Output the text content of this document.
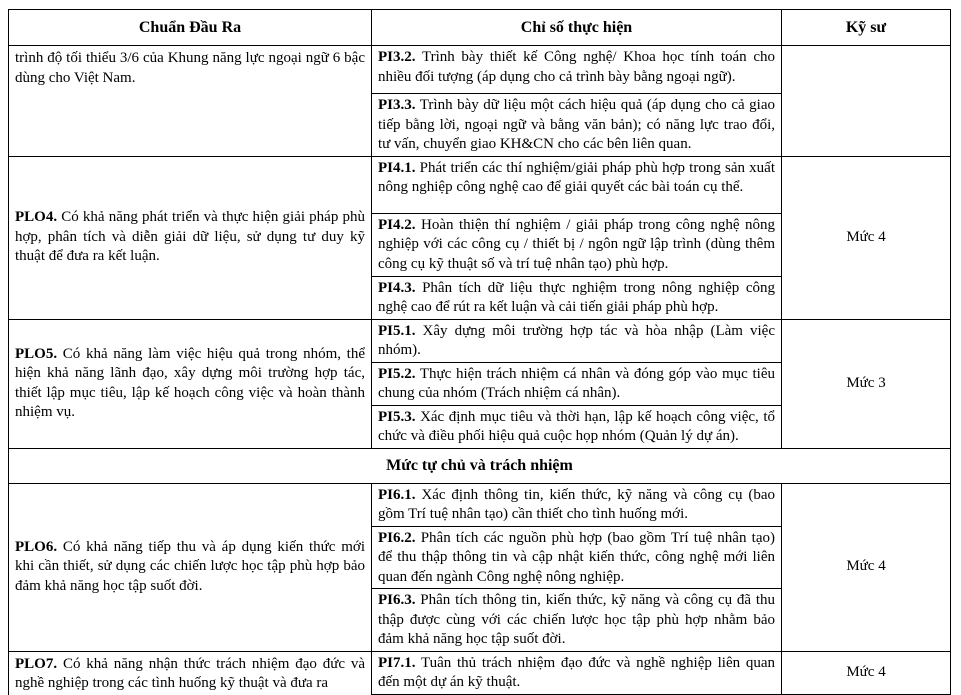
Chuẩn Đầu Ra	Chỉ số thực hiện	Kỹ sư
trình độ tối thiểu 3/6 của Khung năng lực ngoại ngữ 6 bậc dùng cho Việt Nam.	PI3.2. Trình bày thiết kế Công nghệ/ Khoa học tính toán cho nhiều đối tượng (áp dụng cho cả trình bày bằng ngoại ngữ).	
	PI3.3. Trình bày dữ liệu một cách hiệu quả (áp dụng cho cả giao tiếp bằng lời, ngoại ngữ và bằng văn bản); có năng lực trao đổi, tư vấn, chuyển giao KH&CN cho các bên liên quan.	
PLO4. Có khả năng phát triển và thực hiện giải pháp phù hợp, phân tích và diễn giải dữ liệu, sử dụng tư duy kỹ thuật để đưa ra kết luận.	PI4.1. Phát triển các thí nghiệm/giải pháp phù hợp trong sản xuất nông nghiệp công nghệ cao để giải quyết các bài toán cụ thể.	Mức 4
	PI4.2. Hoàn thiện thí nghiệm / giải pháp trong công nghệ nông nghiệp với các công cụ / thiết bị / ngôn ngữ lập trình (dùng thêm công cụ kỹ thuật số và trí tuệ nhân tạo) phù hợp.	
	PI4.3. Phân tích dữ liệu thực nghiệm trong nông nghiệp công nghệ cao để rút ra kết luận và cải tiến giải pháp phù hợp.	
PLO5. Có khả năng làm việc hiệu quả trong nhóm, thể hiện khả năng lãnh đạo, xây dựng môi trường hợp tác, thiết lập mục tiêu, lập kế hoạch công việc và hoàn thành nhiệm vụ.	PI5.1. Xây dựng môi trường hợp tác và hòa nhập (Làm việc nhóm).	Mức 3
	PI5.2. Thực hiện trách nhiệm cá nhân và đóng góp vào mục tiêu chung của nhóm (Trách nhiệm cá nhân).	
	PI5.3. Xác định mục tiêu và thời hạn, lập kế hoạch công việc, tổ chức và điều phối hiệu quả cuộc họp nhóm (Quản lý dự án).	
Mức tự chủ và trách nhiệm		
PLO6. Có khả năng tiếp thu và áp dụng kiến thức mới khi cần thiết, sử dụng các chiến lược học tập phù hợp bảo đảm khả năng học tập suốt đời.	PI6.1. Xác định thông tin, kiến thức, kỹ năng và công cụ (bao gồm Trí tuệ nhân tạo) cần thiết cho tình huống mới.	Mức 4
	PI6.2. Phân tích các nguồn phù hợp (bao gồm Trí tuệ nhân tạo) để thu thập thông tin và cập nhật kiến thức, công nghệ mới liên quan đến ngành Công nghệ nông nghiệp.	
	PI6.3. Phân tích thông tin, kiến thức, kỹ năng và công cụ đã thu thập được cùng với các chiến lược học tập phù hợp nhằm bảo đảm khả năng học tập suốt đời.	
PLO7. Có khả năng nhận thức trách nhiệm đạo đức và nghề nghiệp trong các tình huống kỹ thuật và đưa ra	PI7.1. Tuân thủ trách nhiệm đạo đức và nghề nghiệp liên quan đến một dự án kỹ thuật.	Mức 4
